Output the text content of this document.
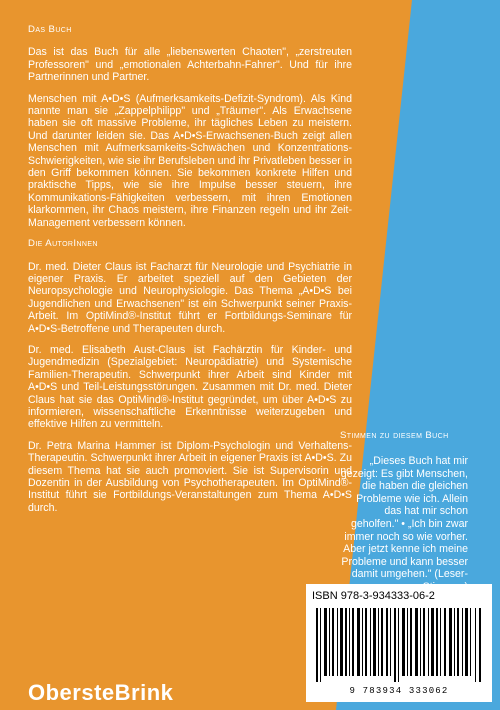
Das Buch
Das ist das Buch für alle „liebenswerten Chaoten", „zerstreuten Professoren" und „emotionalen Achterbahn-Fahrer". Und für ihre Partnerinnen und Partner.
Menschen mit A•D•S (Aufmerksamkeits-Defizit-Syndrom). Als Kind nannte man sie „Zappelphilipp" und „Träumer". Als Erwachsene haben sie oft massive Probleme, ihr tägliches Leben zu meistern. Und darunter leiden sie. Das A•D•S-Erwachsenen-Buch zeigt allen Menschen mit Aufmerksamkeits-Schwächen und Konzentrations-Schwierigkeiten, wie sie ihr Berufsleben und ihr Privatleben besser in den Griff bekommen können. Sie bekommen konkrete Hilfen und praktische Tipps, wie sie ihre Impulse besser steuern, ihre Kommunikations-Fähigkeiten verbessern, mit ihren Emotionen klarkommen, ihr Chaos meistern, ihre Finanzen regeln und ihr Zeit-Management verbessern können.
Die AutorInnen
Dr. med. Dieter Claus ist Facharzt für Neurologie und Psychiatrie in eigener Praxis. Er arbeitet speziell auf den Gebieten der Neuropsychologie und Neurophysiologie. Das Thema „A•D•S bei Jugendlichen und Erwachsenen" ist ein Schwerpunkt seiner Praxis-Arbeit. Im OptiMind®-Institut führt er Fortbildungs-Seminare für A•D•S-Betroffene und Therapeuten durch.
Dr. med. Elisabeth Aust-Claus ist Fachärztin für Kinder- und Jugendmedizin (Spezialgebiet: Neuropädiatrie) und Systemische Familien-Therapeutin. Schwerpunkt ihrer Arbeit sind Kinder mit A•D•S und Teil-Leistungsstörungen. Zusammen mit Dr. med. Dieter Claus hat sie das OptiMind®-Institut gegründet, um über A•D•S zu informieren, wissenschaftliche Erkenntnisse weiterzugeben und effektive Hilfen zu vermitteln.
Dr. Petra Marina Hammer ist Diplom-Psychologin und Verhaltens-Therapeutin. Schwerpunkt ihrer Arbeit in eigener Praxis ist A•D•S. Zu diesem Thema hat sie auch promoviert. Sie ist Supervisorin und Dozentin in der Ausbildung von Psychotherapeuten. Im OptiMind®-Institut führt sie Fortbildungs-Veranstaltungen zum Thema A•D•S durch.
Stimmen zu diesem Buch
„Dieses Buch hat mir gezeigt: Es gibt Menschen, die haben die gleichen Probleme wie ich. Allein das hat mir schon geholfen." • „Ich bin zwar immer noch so wie vorher. Aber jetzt kenne ich meine Probleme und kann besser damit umgehen." (Leser-
ObersteBrink
ISBN 978-3-934333-06-2
9 783934 333062
